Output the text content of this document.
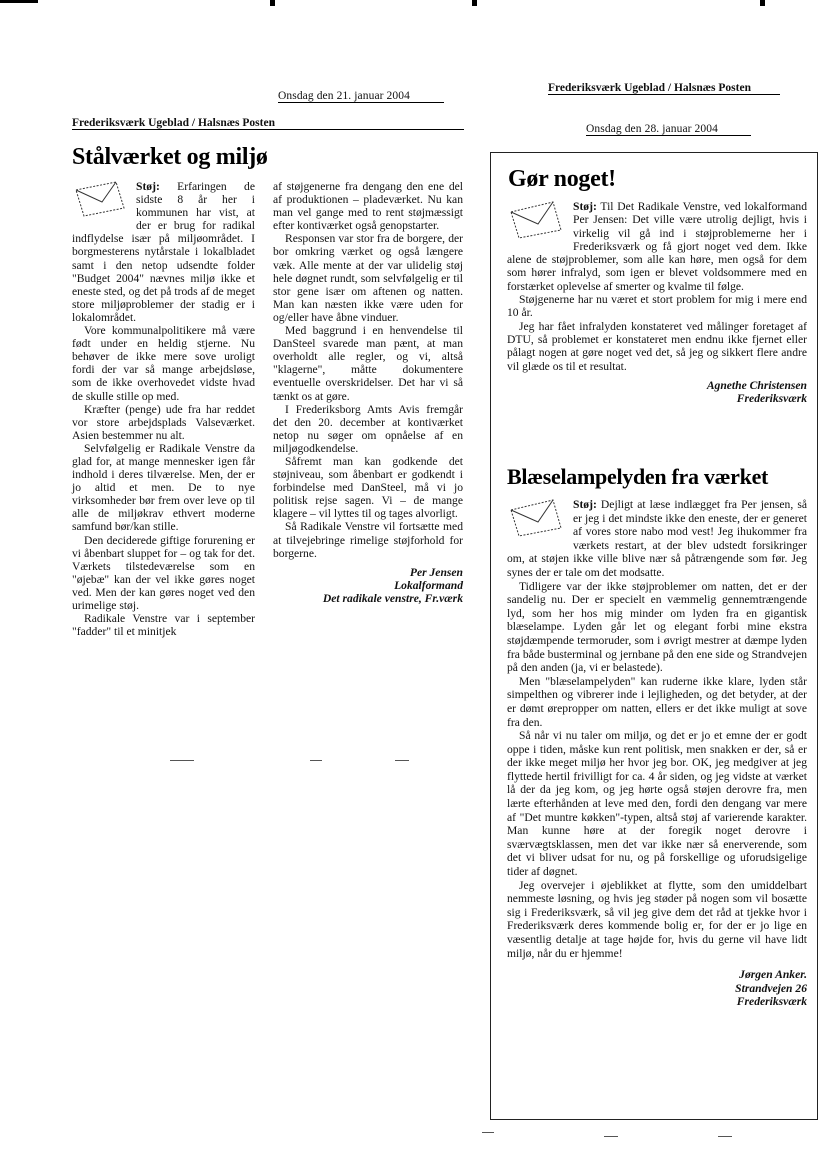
Onsdag den 21. januar 2004
Frederiksværk Ugeblad / Halsnæs Posten
Stålværket og miljø

Støj: Erfaringen de sidste 8 år her i kommunen har vist, at der er brug for radikal indflydelse især på miljøområdet. I borgmesterens nytårstale i lokalbladet samt i den netop udsendte folder "Budget 2004" nævnes miljø ikke et eneste sted, og det på trods af de meget store miljøproblemer der stadig er i lokalområdet.

Vore kommunalpolitikere må være født under en heldig stjerne. Nu behøver de ikke mere sove uroligt fordi der var så mange arbejdsløse, som de ikke overhovedet vidste hvad de skulle stille op med.

Kræfter (penge) ude fra har reddet vor store arbejdsplads Valseværket. Asien bestemmer nu alt.

Selvfølgelig er Radikale Venstre da glad for, at mange mennesker igen får indhold i deres tilværelse. Men, der er jo altid et men. De to nye virksomheder bør frem over leve op til alle de miljøkrav ethvert moderne samfund bør/kan stille.

Den deciderede giftige forurening er vi åbenbart sluppet for – og tak for det. Værkets tilstedeværelse som en "øjebæ" kan der vel ikke gøres noget ved. Men der kan gøres noget ved den urimelige støj.

Radikale Venstre var i september "fadder" til et minitjek

af støjgenerne fra dengang den ene del af produktionen – pladeværket. Nu kan man vel gange med to rent støjmæssigt efter kontiværket også genopstarter.

Responsen var stor fra de borgere, der bor omkring værket og også længere væk. Alle mente at der var ulidelig støj hele døgnet rundt, som selvfølgelig er til stor gene især om aftenen og natten. Man kan næsten ikke være uden for og/eller have åbne vinduer.

Med baggrund i en henvendelse til DanSteel svarede man pænt, at man overholdt alle regler, og vi, altså "klagerne", måtte dokumentere eventuelle overskridelser. Det har vi så tænkt os at gøre.

I Frederiksborg Amts Avis fremgår det den 20. december at kontiværket netop nu søger om opnåelse af en miljøgodkendelse.

Såfremt man kan godkende det støjniveau, som åbenbart er godkendt i forbindelse med DanSteel, må vi jo politisk rejse sagen. Vi – de mange klagere – vil lyttes til og tages alvorligt.

Så Radikale Venstre vil fortsætte med at tilvejebringe rimelige støjforhold for borgerne.

Per Jensen

Lokalformand

Det radikale venstre, Fr.værk

Frederiksværk Ugeblad / Halsnæs Posten
Onsdag den 28. januar 2004
Gør noget!

Støj: Til Det Radikale Venstre, ved lokalformand Per Jensen: Det ville være utrolig dejligt, hvis i virkelig vil gå ind i støjproblemerne her i Frederiksværk og få gjort noget ved dem. Ikke alene de støjproblemer, som alle kan høre, men også for dem som hører infralyd, som igen er blevet voldsommere med en forstærket oplevelse af smerter og kvalme til følge.

Støjgenerne har nu været et stort problem for mig i mere end 10 år.

Jeg har fået infralyden konstateret ved målinger foretaget af DTU, så problemet er konstateret men endnu ikke fjernet eller pålagt nogen at gøre noget ved det, så jeg og sikkert flere andre vil glæde os til et resultat.

Agnethe Christensen

Frederiksværk

Blæselampelyden fra værket

Støj: Dejligt at læse indlægget fra Per jensen, så er jeg i det mindste ikke den eneste, der er generet af vores store nabo mod vest! Jeg ihukommer fra værkets restart, at der blev udstedt forsikringer om, at støjen ikke ville blive nær så påtrængende som før. Jeg synes der er tale om det modsatte.

Tidligere var der ikke støjproblemer om natten, det er der sandelig nu. Der er specielt en væmmelig gennemtrængende lyd, som her hos mig minder om lyden fra en gigantisk blæselampe. Lyden går let og elegant forbi mine ekstra støjdæmpende termoruder, som i øvrigt mestrer at dæmpe lyden fra både busterminal og jernbane på den ene side og Strandvejen på den anden (ja, vi er belastede).

Men "blæselampelyden" kan ruderne ikke klare, lyden står simpelthen og vibrerer inde i lejligheden, og det betyder, at der er dømt ørepropper om natten, ellers er det ikke muligt at sove fra den.

Så når vi nu taler om miljø, og det er jo et emne der er godt oppe i tiden, måske kun rent politisk, men snakken er der, så er der ikke meget miljø her hvor jeg bor. OK, jeg medgiver at jeg flyttede hertil frivilligt for ca. 4 år siden, og jeg vidste at værket lå der da jeg kom, og jeg hørte også støjen derovre fra, men lærte efterhånden at leve med den, fordi den dengang var mere af "Det muntre køkken"-typen, altså støj af varierende karakter. Man kunne høre at der foregik noget derovre i sværvægtsklassen, men det var ikke nær så enerverende, som det vi bliver udsat for nu, og på forskellige og uforudsigelige tider af døgnet.

Jeg overvejer i øjeblikket at flytte, som den umiddelbart nemmeste løsning, og hvis jeg støder på nogen som vil bosætte sig i Frederiksværk, så vil jeg give dem det råd at tjekke hvor i Frederiksværk deres kommende bolig er, for der er jo lige en væsentlig detalje at tage højde for, hvis du gerne vil have lidt miljø, når du er hjemme!

Jørgen Anker.

Strandvejen 26

Frederiksværk
